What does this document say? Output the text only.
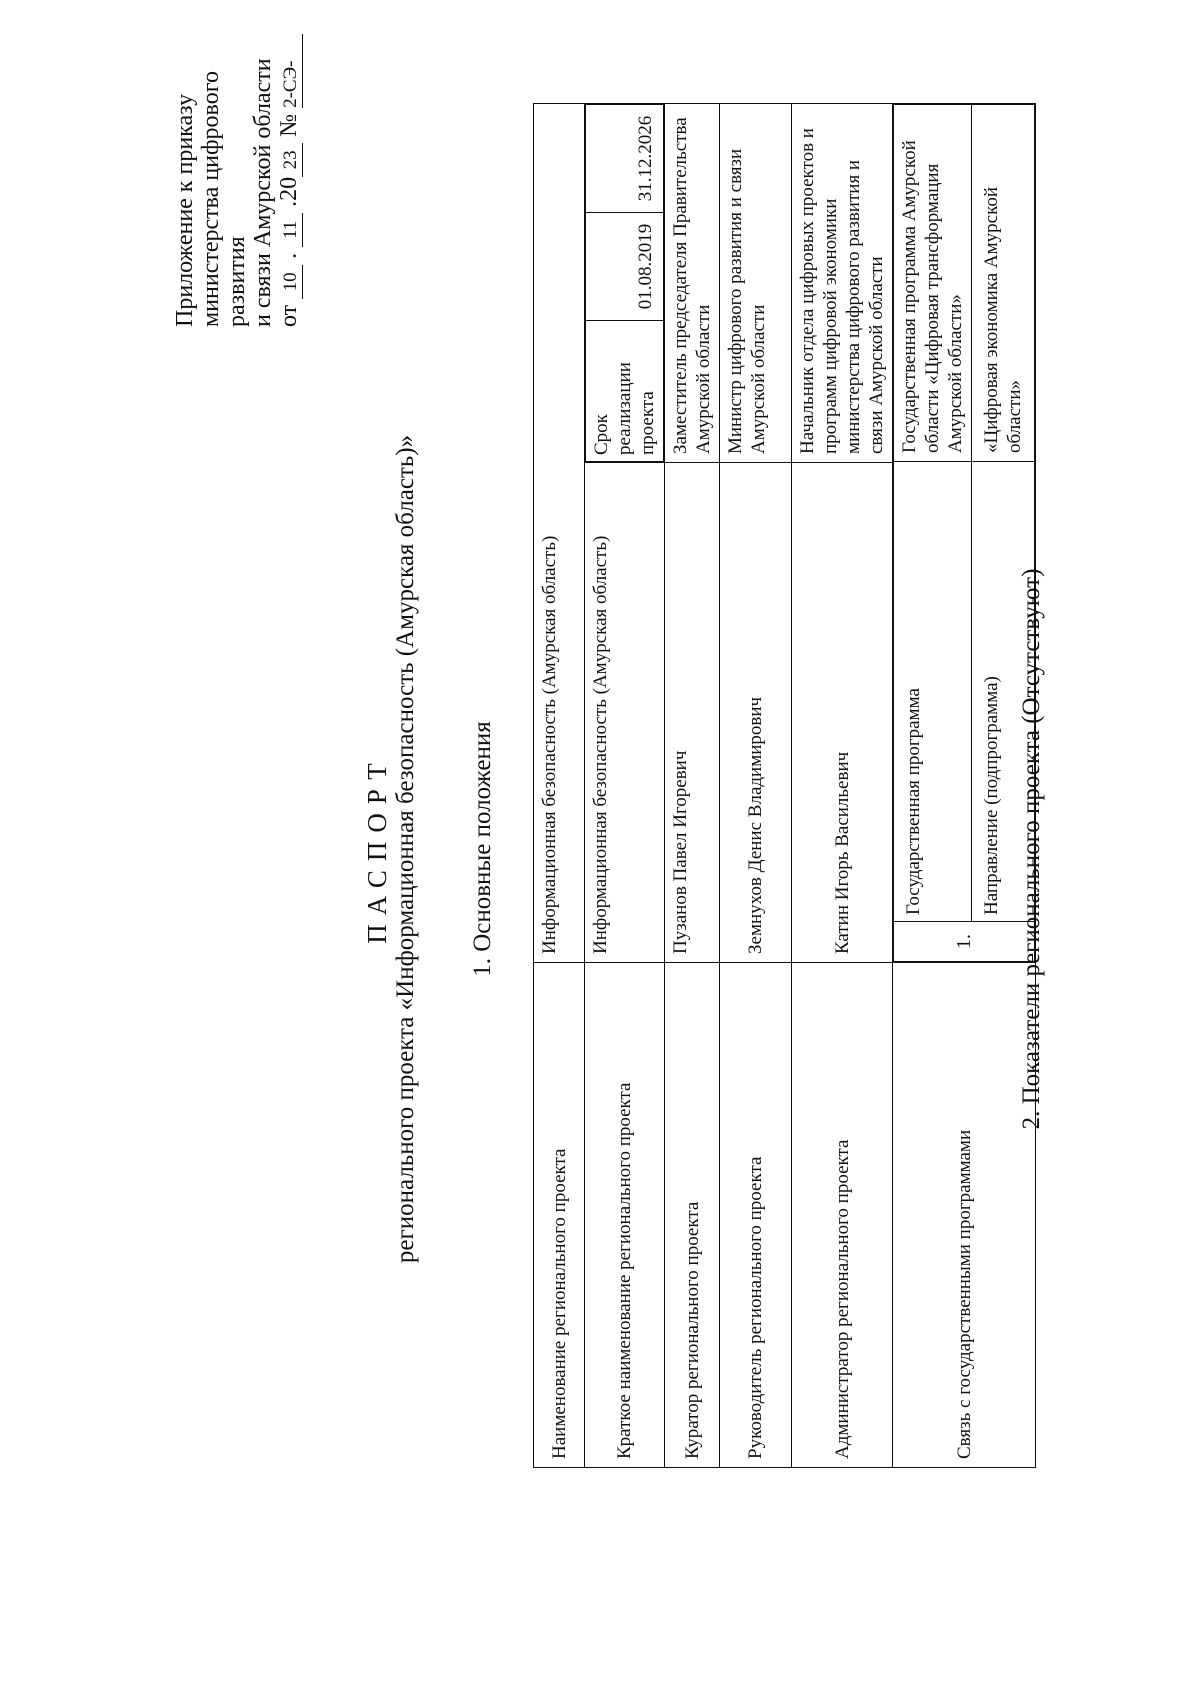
Приложение к приказу министерства цифрового развития и связи Амурской области от 10 . 11 .2023 № 2-СЭ-
ПАСПОРТ регионального проекта «Информационная безопасность (Амурская область)» 1. Основные положения
Наименование регионального проекта	Информационная безопасность (Амурская область)
Краткое наименование регионального проекта	Информационная безопасность (Амурская область)	
Срок реализации проекта	01.08.2019	31.12.2026

Куратор регионального проекта	Пузанов Павел Игоревич	Заместитель председателя Правительства Амурской области
Руководитель регионального проекта	Земнухов Денис Владимирович	Министр цифрового развития и связи Амурской области
Администратор регионального проекта	Катин Игорь Васильевич	Начальник отдела цифровых проектов и программ цифровой экономики министерства цифрового развития и связи Амурской области
Связь с государственными программами	
1.	Государственная программа	Государственная программа Амурской области «Цифровая трансформация Амурской области»
Направление (подпрограмма)	«Цифровая экономика Амурской области»
2. Показатели регионального проекта (Отсутствуют)
